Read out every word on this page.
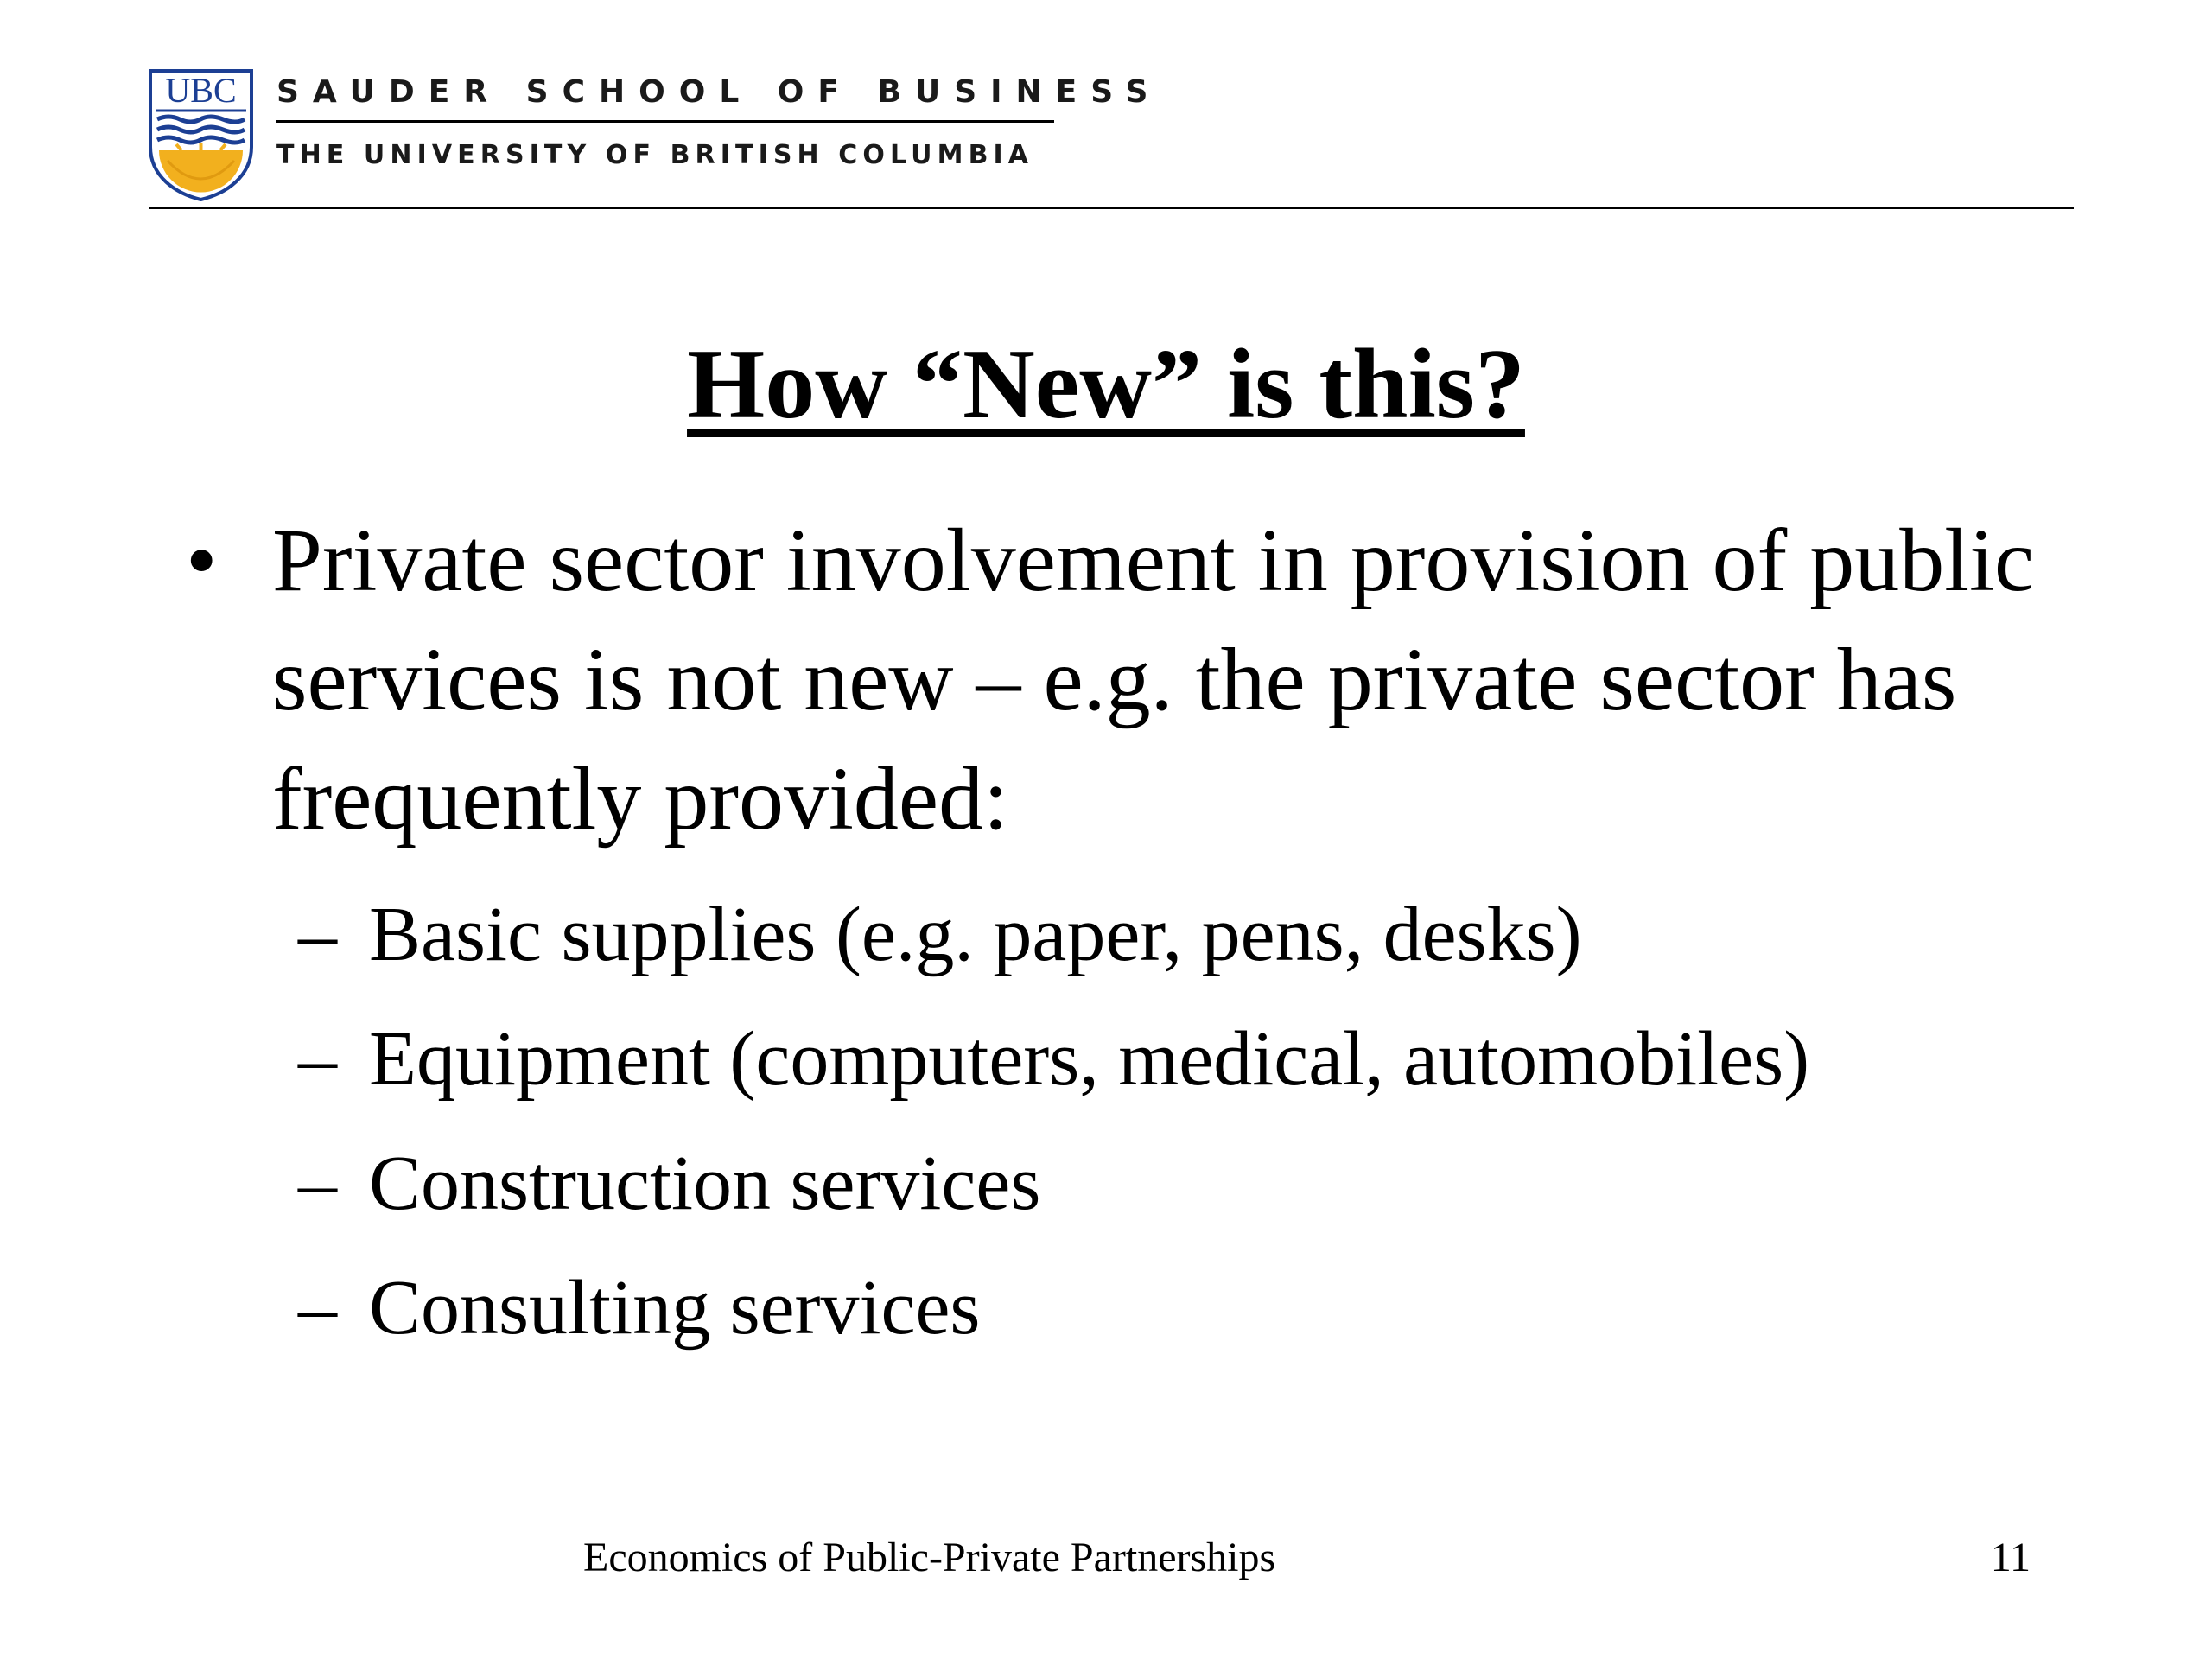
UBC SAUDER SCHOOL OF BUSINESS
THE UNIVERSITY OF BRITISH COLUMBIA
How “New” is this?
• Private sector involvement in provision of public services is not new – e.g. the private sector has frequently provided:
– Basic supplies (e.g. paper, pens, desks)
– Equipment (computers, medical, automobiles)
– Construction services
– Consulting services
Economics of Public-Private Partnerships	11
